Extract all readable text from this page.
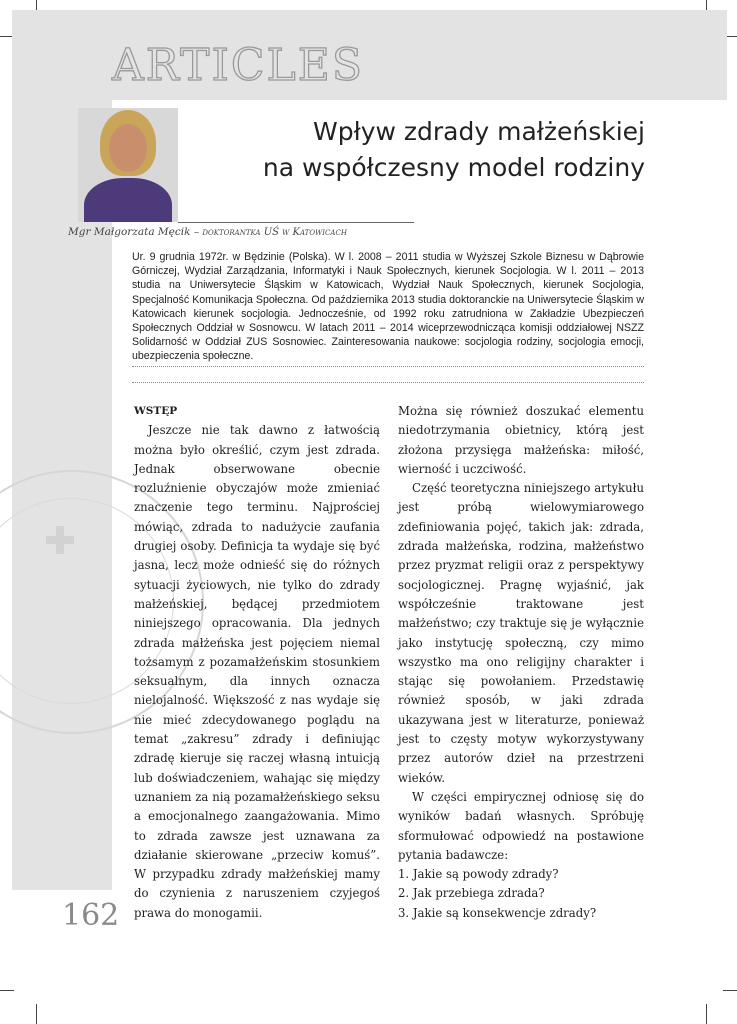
ARTICLES
Wpływ zdrady małżeńskiej
na współczesny model rodziny
Mgr Małgorzata Męcik – doktorantka UŚ w Katowicach
Ur. 9 grudnia 1972r. w Będzinie (Polska). W l. 2008 – 2011 studia w Wyższej Szkole Biznesu w Dąbrowie Górniczej, Wydział Zarządzania, Informatyki i Nauk Społecznych, kierunek Socjologia. W l. 2011 – 2013 studia na Uniwersytecie Śląskim w Katowicach, Wydział Nauk Społecznych, kierunek Socjologia, Specjalność Komunikacja Społeczna. Od października 2013 studia doktoranckie na Uniwersytecie Śląskim w Katowicach kierunek socjologia. Jednocześnie, od 1992 roku zatrudniona w Zakładzie Ubezpieczeń Społecznych Oddział w Sosnowcu. W latach 2011 – 2014 wiceprzewodnicząca komisji oddziałowej NSZZ Solidarność w Oddział ZUS Sosnowiec. Zainteresowania naukowe: socjologia rodziny, socjologia emocji, ubezpieczenia społeczne.

WSTĘP

Jeszcze nie tak dawno z łatwością można było określić, czym jest zdrada. Jednak obserwowane obecnie rozluźnienie obyczajów może zmieniać znaczenie tego terminu. Najprościej mówiąc, zdrada to nadużycie zaufania drugiej osoby. Definicja ta wydaje się być jasna, lecz może odnieść się do różnych sytuacji życiowych, nie tylko do zdrady małżeńskiej, będącej przedmiotem niniejszego opracowania. Dla jednych zdrada małżeńska jest pojęciem niemal tożsamym z pozamałżeńskim stosunkiem seksualnym, dla innych oznacza nielojalność. Większość z nas wydaje się nie mieć zdecydowanego poglądu na temat „zakresu” zdrady i definiując zdradę kieruje się raczej własną intuicją lub doświadczeniem, wahając się między uznaniem za nią pozamałżeńskiego seksu a emocjonalnego zaangażowania. Mimo to zdrada zawsze jest uznawana za działanie skierowane „przeciw komuś”. W przypadku zdrady małżeńskiej mamy do czynienia z naruszeniem czyjegoś prawa do monogamii.

Można się również doszukać elementu niedotrzymania obietnicy, którą jest złożona przysięga małżeńska: miłość, wierność i uczciwość.

Część teoretyczna niniejszego artykułu jest próbą wielowymiarowego zdefiniowania pojęć, takich jak: zdrada, zdrada małżeńska, rodzina, małżeństwo przez pryzmat religii oraz z perspektywy socjologicznej. Pragnę wyjaśnić, jak współcześnie traktowane jest małżeństwo; czy traktuje się je wyłącznie jako instytucję społeczną, czy mimo wszystko ma ono religijny charakter i stając się powołaniem. Przedstawię również sposób, w jaki zdrada ukazywana jest w literaturze, ponieważ jest to częsty motyw wykorzystywany przez autorów dzieł na przestrzeni wieków.

W części empirycznej odniosę się do wyników badań własnych. Spróbuję sformułować odpowiedź na postawione pytania badawcze:

1. Jakie są powody zdrady?
2. Jak przebiega zdrada?
3. Jakie są konsekwencje zdrady?
162
